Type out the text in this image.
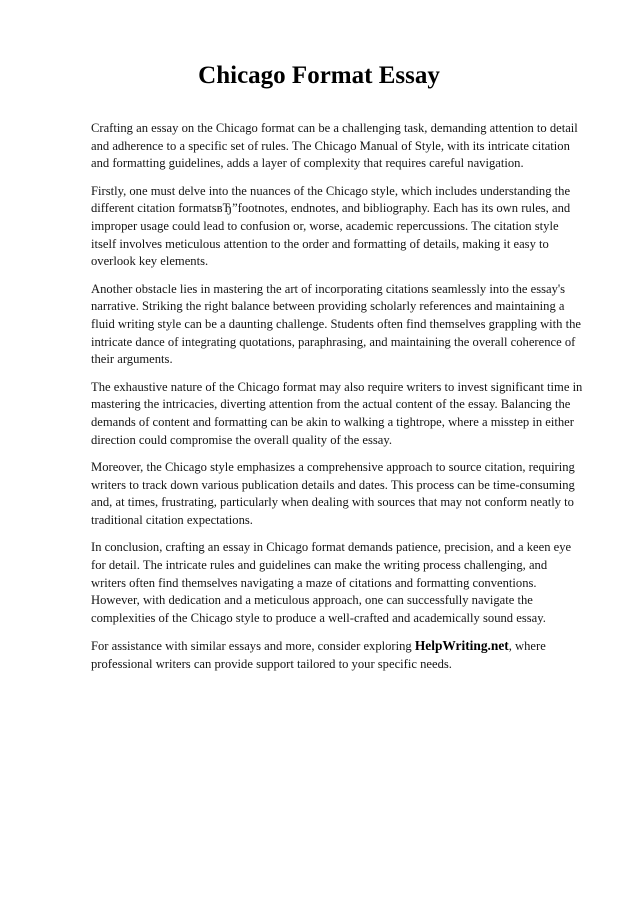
Chicago Format Essay

Crafting an essay on the Chicago format can be a challenging task, demanding attention to detail
and adherence to a specific set of rules. The Chicago Manual of Style, with its intricate citation
and formatting guidelines, adds a layer of complexity that requires careful navigation.

Firstly, one must delve into the nuances of the Chicago style, which includes understanding the
different citation formatsвЂ”footnotes, endnotes, and bibliography. Each has its own rules, and
improper usage could lead to confusion or, worse, academic repercussions. The citation style
itself involves meticulous attention to the order and formatting of details, making it easy to
overlook key elements.

Another obstacle lies in mastering the art of incorporating citations seamlessly into the essay's
narrative. Striking the right balance between providing scholarly references and maintaining a
fluid writing style can be a daunting challenge. Students often find themselves grappling with the
intricate dance of integrating quotations, paraphrasing, and maintaining the overall coherence of
their arguments.

The exhaustive nature of the Chicago format may also require writers to invest significant time in
mastering the intricacies, diverting attention from the actual content of the essay. Balancing the
demands of content and formatting can be akin to walking a tightrope, where a misstep in either
direction could compromise the overall quality of the essay.

Moreover, the Chicago style emphasizes a comprehensive approach to source citation, requiring
writers to track down various publication details and dates. This process can be time-consuming
and, at times, frustrating, particularly when dealing with sources that may not conform neatly to
traditional citation expectations.

In conclusion, crafting an essay in Chicago format demands patience, precision, and a keen eye
for detail. The intricate rules and guidelines can make the writing process challenging, and
writers often find themselves navigating a maze of citations and formatting conventions.
However, with dedication and a meticulous approach, one can successfully navigate the
complexities of the Chicago style to produce a well-crafted and academically sound essay.

For assistance with similar essays and more, consider exploring HelpWriting.net, where
professional writers can provide support tailored to your specific needs.
